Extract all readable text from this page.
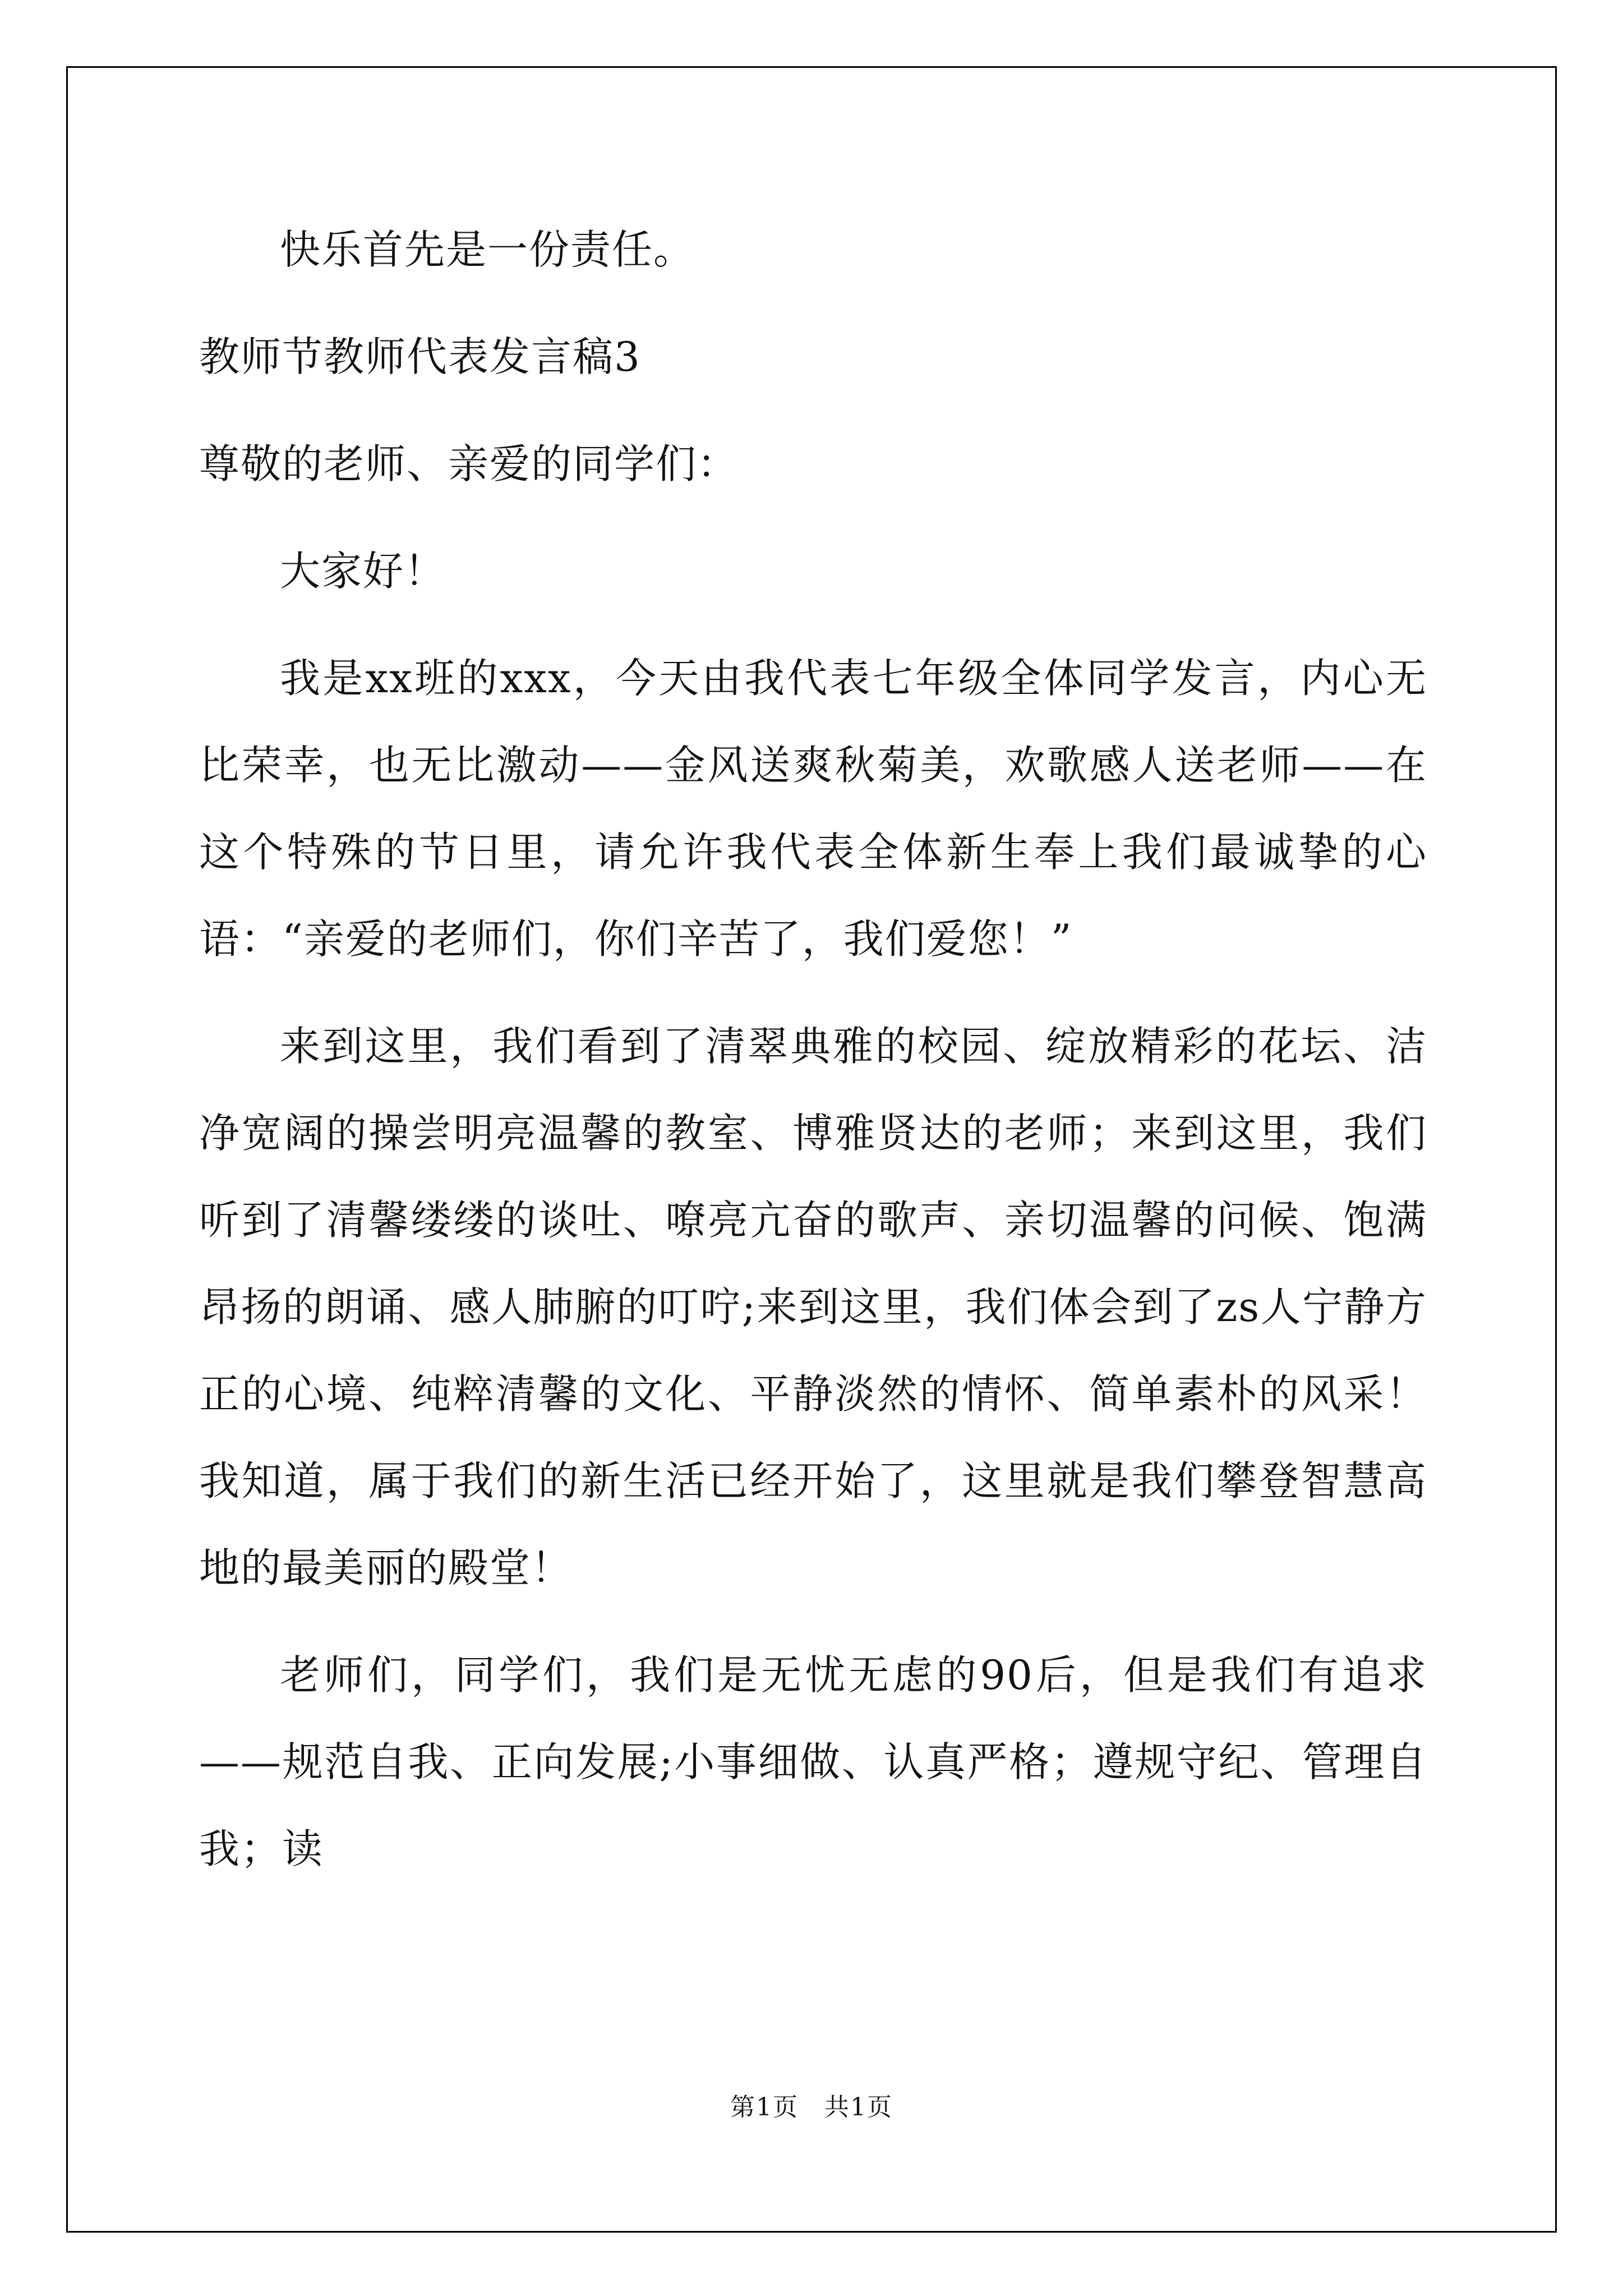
快乐首先是一份责任。

教师节教师代表发言稿3

尊敬的老师、亲爱的同学们：

大家好！

我是xx班的xxx，今天由我代表七年级全体同学发言，内心无比荣幸，也无比激动——金风送爽秋菊美，欢歌感人送老师——在这个特殊的节日里，请允许我代表全体新生奉上我们最诚挚的心语：“亲爱的老师们，你们辛苦了，我们爱您！”

来到这里，我们看到了清翠典雅的校园、绽放精彩的花坛、洁净宽阔的操尝明亮温馨的教室、博雅贤达的老师；来到这里，我们听到了清馨缕缕的谈吐、嘹亮亢奋的歌声、亲切温馨的问候、饱满昂扬的朗诵、感人肺腑的叮咛;来到这里，我们体会到了zs人宁静方正的心境、纯粹清馨的文化、平静淡然的情怀、简单素朴的风采！我知道，属于我们的新生活已经开始了，这里就是我们攀登智慧高地的最美丽的殿堂！

老师们，同学们，我们是无忧无虑的90后，但是我们有追求——规范自我、正向发展;小事细做、认真严格；遵规守纪、管理自我；读

第1页　共1页
